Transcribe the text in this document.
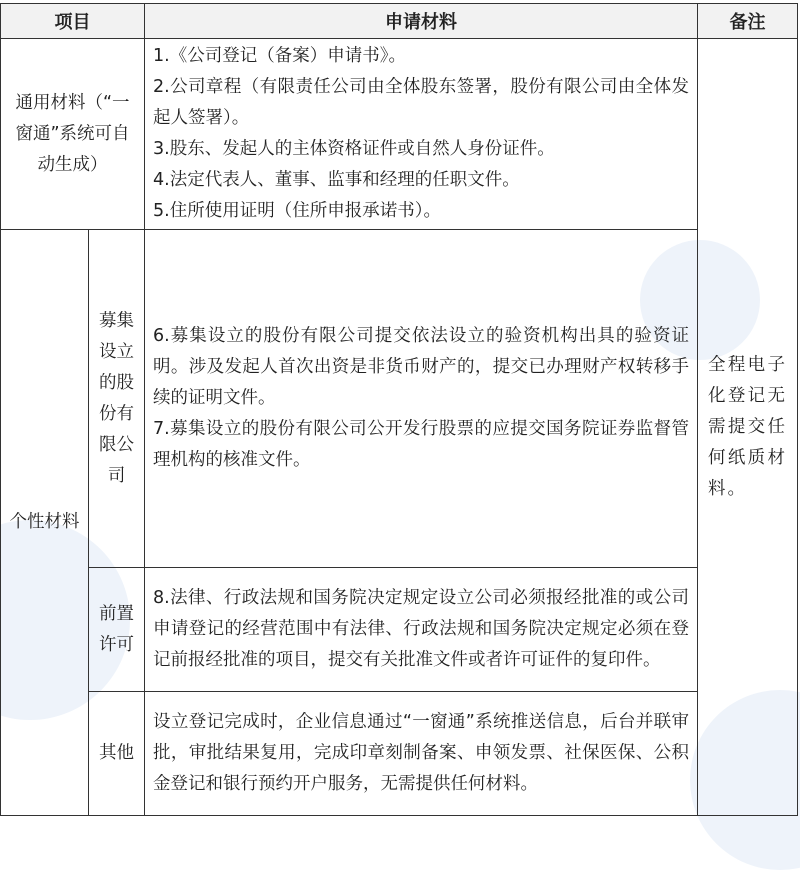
项目		申请材料	备注
通用材料（“一窗通”系统可自动生成）		1.《公司登记（备案）申请书》。
2.公司章程（有限责任公司由全体股东签署，股份有限公司由全体发起人签署）。
3.股东、发起人的主体资格证件或自然人身份证件。
4.法定代表人、董事、监事和经理的任职文件。
5.住所使用证明（住所申报承诺书）。	全程电子化登记无需提交任何纸质材料。
个性材料	募集设立的股份有限公司	6.募集设立的股份有限公司提交依法设立的验资机构出具的验资证明。涉及发起人首次出资是非货币财产的，提交已办理财产权转移手续的证明文件。
7.募集设立的股份有限公司公开发行股票的应提交国务院证券监督管理机构的核准文件。	

	前置许可	8.法律、行政法规和国务院决定规定设立公司必须报经批准的或公司申请登记的经营范围中有法律、行政法规和国务院决定规定必须在登记前报经批准的项目，提交有关批准文件或者许可证件的复印件。	

	其他	设立登记完成时，企业信息通过“一窗通”系统推送信息，后台并联审批，审批结果复用，完成印章刻制备案、申领发票、社保医保、公积金登记和银行预约开户服务，无需提供任何材料。	
